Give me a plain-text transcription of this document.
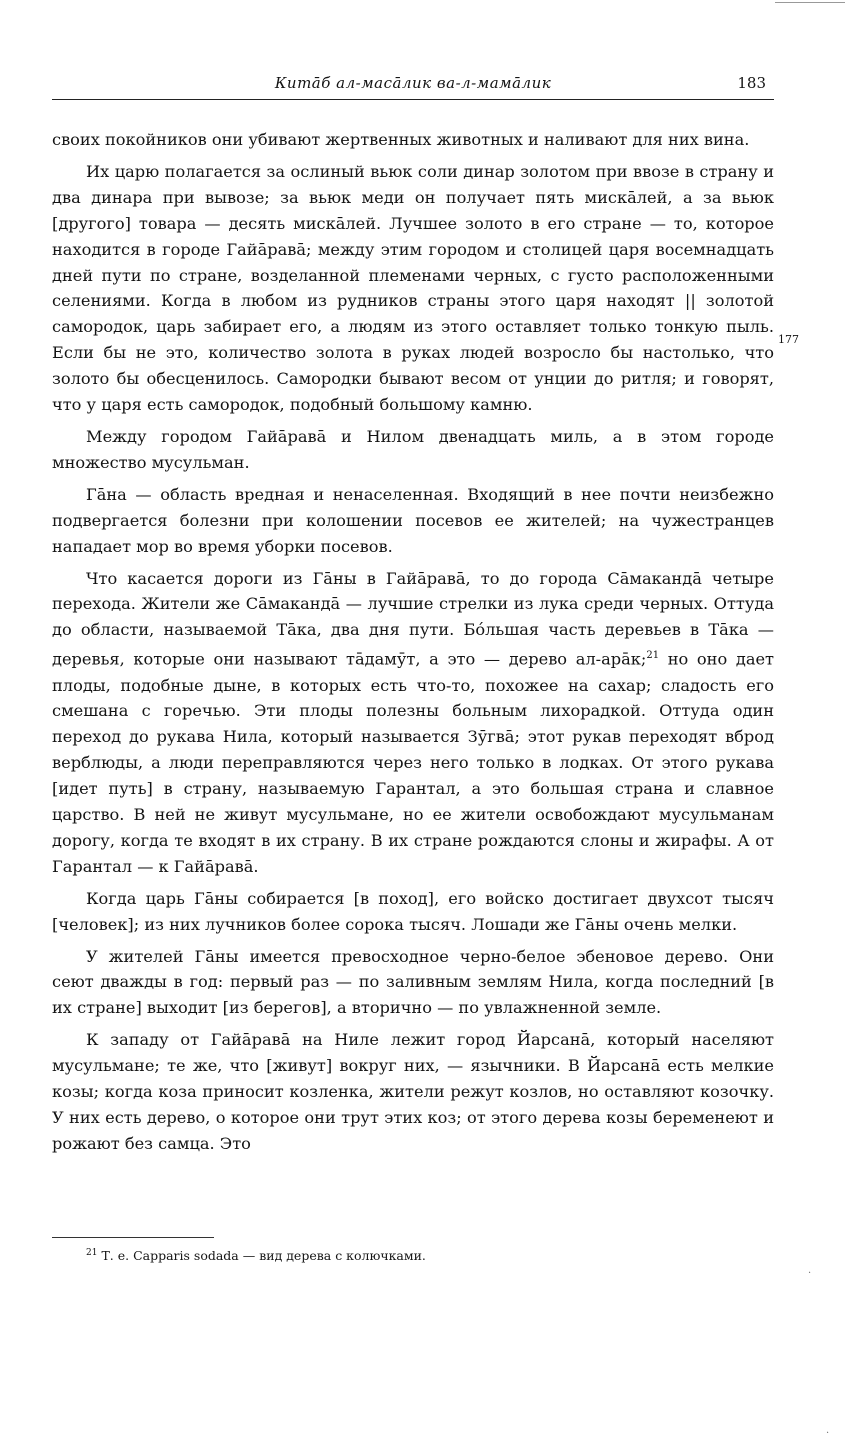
Китāб ал-масāлик ва-л-мамāлик	183
177

своих покойников они убивают жертвенных животных и наливают для них вина.

Их царю полагается за ослиный вьюк соли динар золотом при ввозе в страну и два динара при вывозе; за вьюк меди он получает пять мискāлей, а за вьюк [другого] товара — десять мискāлей. Лучшее золото в его стране — то, которое находится в городе Гайāравā; между этим городом и столицей царя восемнадцать дней пути по стране, возделанной племенами черных, с густо расположенными селениями. Когда в любом из рудников страны этого царя находят || золотой самородок, царь забирает его, а людям из этого оставляет только тонкую пыль. Если бы не это, количество золота в руках людей возросло бы настолько, что золото бы обесценилось. Самородки бывают весом от унции до ритля; и говорят, что у царя есть самородок, подобный большому камню.

Между городом Гайāравā и Нилом двенадцать миль, а в этом городе множество мусульман.

Гāна — область вредная и ненаселенная. Входящий в нее почти неизбежно подвергается болезни при колошении посевов ее жителей; на чужестранцев нападает мор во время уборки посевов.

Что касается дороги из Гāны в Гайāравā, то до города Сāмакандā четыре перехода. Жители же Сāмакандā — лучшие стрелки из лука среди черных. Оттуда до области, называемой Тāка, два дня пути. Бóльшая часть деревьев в Тāка — деревья, которые они называют тāдамӯт, а это — дерево ал-арāк;$^{21}$ но оно дает плоды, подобные дыне, в которых есть что-то, похожее на сахар; сладость его смешана с горечью. Эти плоды полезны больным лихорадкой. Оттуда один переход до рукава Нила, который называется Зӯгвā; этот рукав переходят вброд верблюды, а люди переправляются через него только в лодках. От этого рукава [идет путь] в страну, называемую Гарантал, а это большая страна и славное царство. В ней не живут мусульмане, но ее жители освобождают мусульманам дорогу, когда те входят в их страну. В их стране рождаются слоны и жирафы. А от Гарантал — к Гайāравā.

Когда царь Гāны собирается [в поход], его войско достигает двухсот тысяч [человек]; из них лучников более сорока тысяч. Лошади же Гāны очень мелки.

У жителей Гāны имеется превосходное черно-белое эбеновое дерево. Они сеют дважды в год: первый раз — по заливным землям Нила, когда последний [в их стране] выходит [из берегов], а вторично — по увлажненной земле.

К западу от Гайāравā на Ниле лежит город Йарсанā, который населяют мусульмане; те же, что [живут] вокруг них, — язычники. В Йарсанā есть мелкие козы; когда коза приносит козленка, жители режут козлов, но оставляют козочку. У них есть дерево, о которое они трут этих коз; от этого дерева козы беременеют и рожают без самца. Это

$^{21}$ Т. е. Capparis sodada — вид дерева с колючками.
·
·
